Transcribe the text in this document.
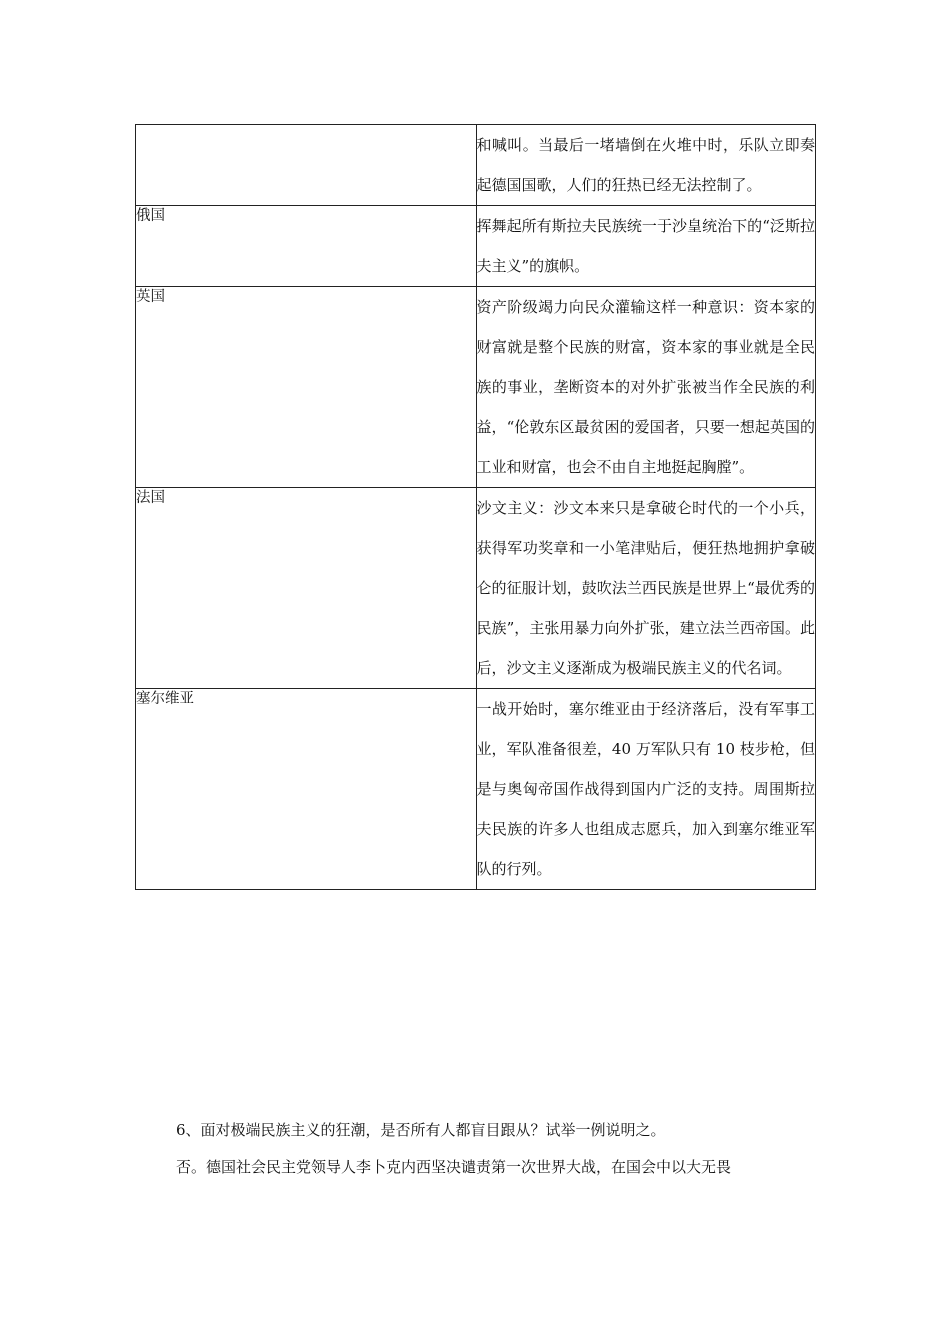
	和喊叫。当最后一堵墙倒在火堆中时，乐队立即奏起德国国歌，人们的狂热已经无法控制了。
俄国	挥舞起所有斯拉夫民族统一于沙皇统治下的“泛斯拉夫主义”的旗帜。
英国	资产阶级竭力向民众灌输这样一种意识：资本家的财富就是整个民族的财富，资本家的事业就是全民族的事业，垄断资本的对外扩张被当作全民族的利益，“伦敦东区最贫困的爱国者，只要一想起英国的工业和财富，也会不由自主地挺起胸膛”。
法国	沙文主义：沙文本来只是拿破仑时代的一个小兵，获得军功奖章和一小笔津贴后，便狂热地拥护拿破仑的征服计划，鼓吹法兰西民族是世界上“最优秀的民族”，主张用暴力向外扩张，建立法兰西帝国。此后，沙文主义逐渐成为极端民族主义的代名词。
塞尔维亚	一战开始时，塞尔维亚由于经济落后，没有军事工业，军队准备很差，40 万军队只有 10 枝步枪，但是与奥匈帝国作战得到国内广泛的支持。周围斯拉夫民族的许多人也组成志愿兵，加入到塞尔维亚军队的行列。
6、面对极端民族主义的狂潮，是否所有人都盲目跟从？试举一例说明之。
否。德国社会民主党领导人李卜克内西坚决谴责第一次世界大战，在国会中以大无畏
